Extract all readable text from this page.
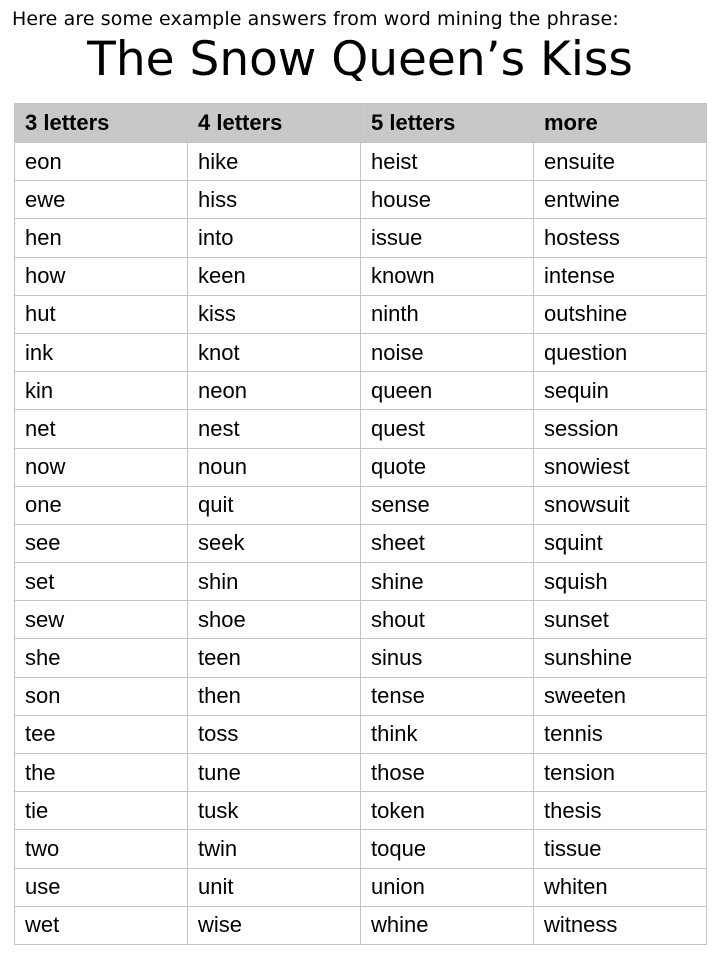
Here are some example answers from word mining the phrase:
The Snow Queen’s Kiss
3 letters	4 letters	5 letters	more
eon	hike	heist	ensuite
ewe	hiss	house	entwine
hen	into	issue	hostess
how	keen	known	intense
hut	kiss	ninth	outshine
ink	knot	noise	question
kin	neon	queen	sequin
net	nest	quest	session
now	noun	quote	snowiest
one	quit	sense	snowsuit
see	seek	sheet	squint
set	shin	shine	squish
sew	shoe	shout	sunset
she	teen	sinus	sunshine
son	then	tense	sweeten
tee	toss	think	tennis
the	tune	those	tension
tie	tusk	token	thesis
two	twin	toque	tissue
use	unit	union	whiten
wet	wise	whine	witness
